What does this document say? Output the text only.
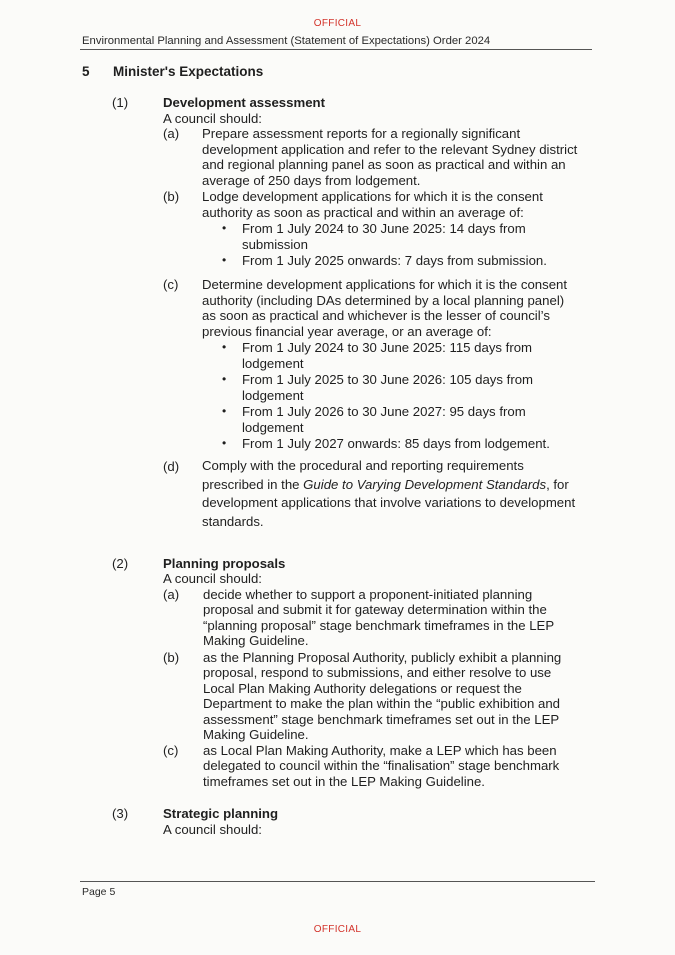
OFFICIAL
Environmental Planning and Assessment (Statement of Expectations) Order 2024
5 Minister's Expectations
(1)	Development assessment
A council should:
(a) Prepare assessment reports for a regionally significant
development application and refer to the relevant Sydney district
and regional planning panel as soon as practical and within an
average of 250 days from lodgement.
(b) Lodge development applications for which it is the consent
authority as soon as practical and within an average of:
• From 1 July 2024 to 30 June 2025: 14 days from
submission
• From 1 July 2025 onwards: 7 days from submission.
(c) Determine development applications for which it is the consent
authority (including DAs determined by a local planning panel)
as soon as practical and whichever is the lesser of council’s
previous financial year average, or an average of:
• From 1 July 2024 to 30 June 2025: 115 days from
lodgement
• From 1 July 2025 to 30 June 2026: 105 days from
lodgement
• From 1 July 2026 to 30 June 2027: 95 days from
lodgement
• From 1 July 2027 onwards: 85 days from lodgement.
(d) Comply with the procedural and reporting requirements
prescribed in the Guide to Varying Development Standards, for
development applications that involve variations to development
standards.
(2)	Planning proposals
A council should:
(a) decide whether to support a proponent-initiated planning
proposal and submit it for gateway determination within the
“planning proposal” stage benchmark timeframes in the LEP
Making Guideline.
(b) as the Planning Proposal Authority, publicly exhibit a planning
proposal, respond to submissions, and either resolve to use
Local Plan Making Authority delegations or request the
Department to make the plan within the “public exhibition and
assessment” stage benchmark timeframes set out in the LEP
Making Guideline.
(c) as Local Plan Making Authority, make a LEP which has been
delegated to council within the “finalisation” stage benchmark
timeframes set out in the LEP Making Guideline.
(3)	Strategic planning
A council should:
Page 5
OFFICIAL
